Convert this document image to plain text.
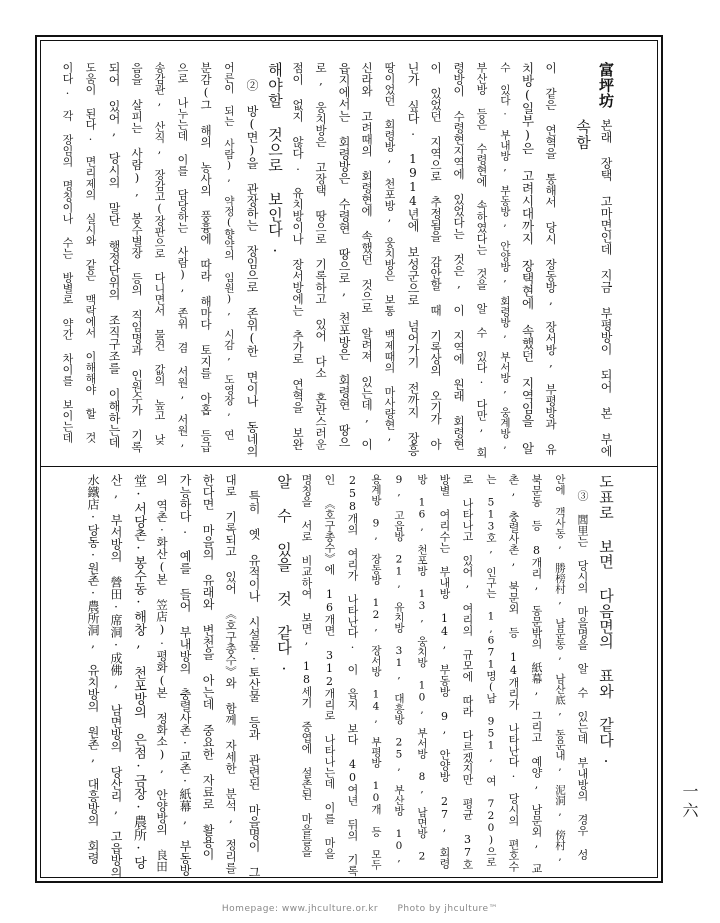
富坪坊
본래 장택 고마면인데 지금 부평방이 되어 본 부에
속함
이 같은 연혁을 통해서 당시 장동방, 장서방, 부평방과 유
치방(일부)은 고려시대까지 장택현에 속했던 지역임을 알
수 있다. 부내방, 부동방, 안양방, 회령방, 부서방, 웅계방,
부산방 등은 수령현에 속하였다는 것을 알 수 있다. 다만, 회
령방이 수령현지역에 있었다는 것은, 이 지역에 원래 회령현
이 있었던 지역으로 추정됨을 감안할 때 기록상의 오기가 아
닌가 싶다. 1914년에 보성군으로 넘어가기 전까지 장흥
땅이었던 회령방, 천포방, 웅치방은 보통 백제때의 마사량현,
신라와 고려때의 회령현에 속했던 것으로 알려져 있는데, 이
읍지에서는 회령방은 수령현 땅으로, 천포방은 회령현 땅으
로, 웅치방은 고장택 땅으로 기록하고 있어 다소 혼란스러운
점이 없지 않다. 유치방이나 장서방에는 추가로 연혁을 보완
해야할 것으로 보인다.
② 방(면)을 관장하는 장임으로 존위(한 면이나 동네의
어른이 되는 사람), 약정(향약의 임원), 시감, 도영장, 연
분감(그 해의 농사의 풍흉에 따라 해마다 토지를 아홉 등급
으로 나누는데 이를 담당하는 사람), 존위 겸 서원, 서원,
송감관, 산직, 장감고(장판으로 다니면서 물건 값의 높고 낮
음을 살피는 사람), 봉수별장 등의 직임명과 인원수가 기록
되어 있어, 당시의 말단 행정단위의 조직구조를 이해하는데
도움이 된다. 면리제의 실시와 같은 맥락에서 이해해야 할 것
이다. 각 장임의 명칭이나 수는 방별로 약간 차이를 보이는데
도표로 보면 다음면의 표와 같다.
③ 閭里는 당시의 마을명을 알 수 있는데 부내방의 경우 성
안에 객사동, 勝榜村, 남문동, 남산底, 동문내, 泥洞, 傍村,
북문동 등 8개리, 동문밖의 紙幕, 그리고 예양, 남문외, 교
촌, 충렬사촌, 북문외 등 14개리가 나타난다. 당시의 편호수
는 513호, 인구는 1,671명(남 951, 여 720)으로
로 나타나고 있어, 여리의 규모에 따라 다르겠지만 평균 37호
방별 여리수는 부내방 14, 부동방 9, 안양방 27, 회령
방 16, 천포방 13, 웅치방 10, 부서방 8, 남면방 2
9, 고읍방 21, 유치방 31, 대흥방 25, 부산방 10,
용계방 9, 장동방 12, 장서방 14, 부평방 10개 등 모두
258개의 여리가 나타난다. 이 읍지 보다 40여년 뒤의 기록
인 《호구총수》에 16개면 312개리로 나타나는데 이를 마을
명칭을 서로 비교하여 보면, 18세기 중엽에 설촌된 마을들을
알 수 있을 것 같다.
특히 옛 유적이나 시설물·토산물 등과 관련된 마을명이 그
대로 기록되고 있어 《호구총수》와 함께 자세한 분석, 정리를
한다면 마을의 유래와 변천을 아는데 중요한 자료로 활용이
가능하다. 예를 들어 부내방의 충렬사촌·교촌·紙幕, 부동방
의 역촌·화산(본 笠店)·평화(본 정화소), 안양방의 良田
堂·서당촌·봉수동·해창, 천포방의 은점·금장·農所·당
산, 부서방의 營田·席洞·成佛, 남면방의 당산리, 고읍방의
水鐵店·당동·원촌·農所洞, 유치방의 원촌, 대흥방의 회령	一六
Homepage: www.jhculture.or.kr Photo by jhculture™
